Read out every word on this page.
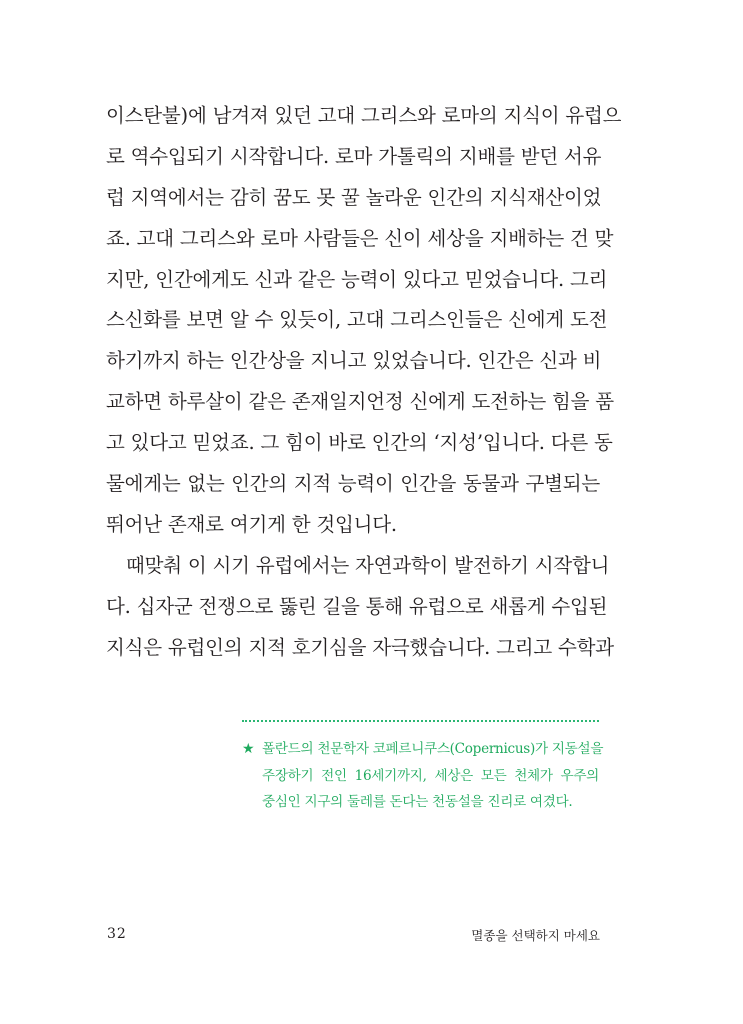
이스탄불)에 남겨져 있던 고대 그리스와 로마의 지식이 유럽으
로 역수입되기 시작합니다. 로마 가톨릭의 지배를 받던 서유
럽 지역에서는 감히 꿈도 못 꿀 놀라운 인간의 지식재산이었
죠. 고대 그리스와 로마 사람들은 신이 세상을 지배하는 건 맞
지만, 인간에게도 신과 같은 능력이 있다고 믿었습니다. 그리
스신화를 보면 알 수 있듯이, 고대 그리스인들은 신에게 도전
하기까지 하는 인간상을 지니고 있었습니다. 인간은 신과 비
교하면 하루살이 같은 존재일지언정 신에게 도전하는 힘을 품
고 있다고 믿었죠. 그 힘이 바로 인간의 ‘지성’입니다. 다른 동
물에게는 없는 인간의 지적 능력이 인간을 동물과 구별되는
뛰어난 존재로 여기게 한 것입니다.
때맞춰 이 시기 유럽에서는 자연과학이 발전하기 시작합니
다. 십자군 전쟁으로 뚫린 길을 통해 유럽으로 새롭게 수입된
지식은 유럽인의 지적 호기심을 자극했습니다. 그리고 수학과
★ 폴란드의 천문학자 코페르니쿠스(Copernicus)가 지동설을
주장하기 전인 16세기까지, 세상은 모든 천체가 우주의
중심인 지구의 둘레를 돈다는 천동설을 진리로 여겼다.
32	멸종을 선택하지 마세요
